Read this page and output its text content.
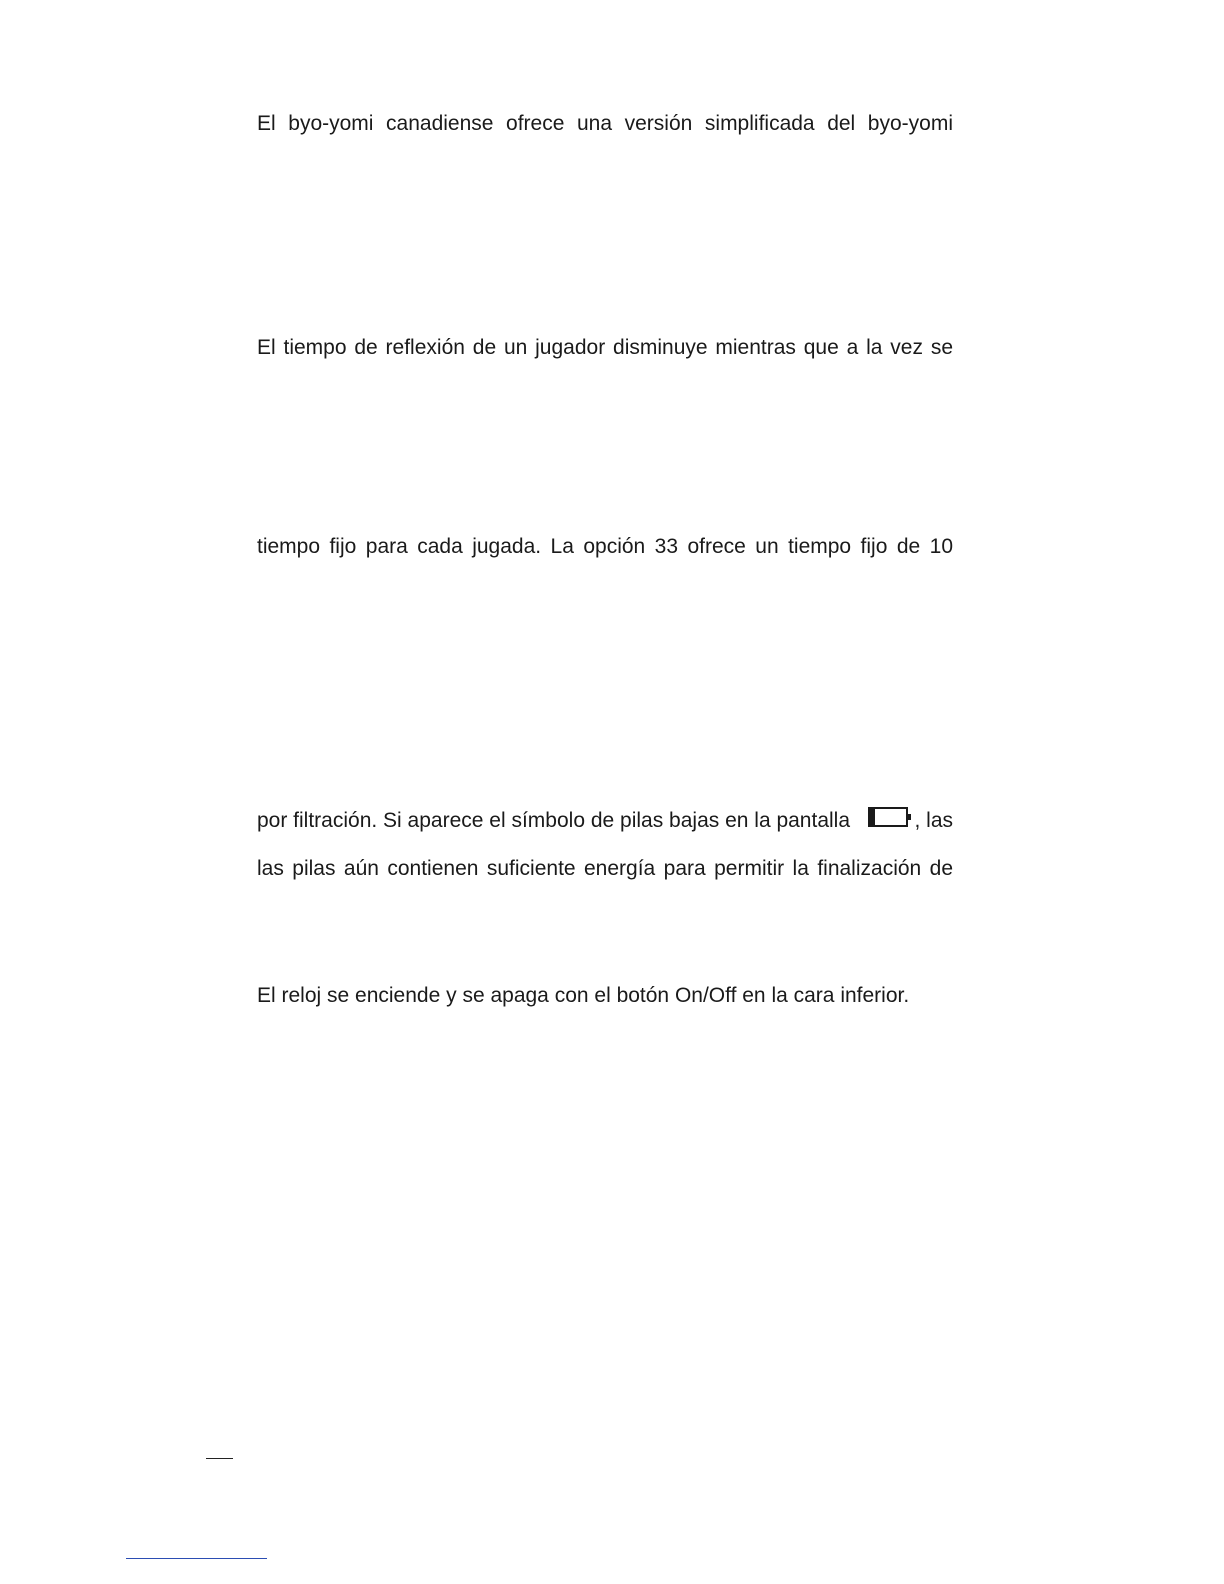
El byo-yomi canadiense ofrece una versión simplificada del byo-yomi
El tiempo de reflexión de un jugador disminuye mientras que a la vez se
tiempo fijo para cada jugada. La opción 33 ofrece un tiempo fijo de 10
por filtración. Si aparece el símbolo de pilas bajas en la pantalla	, las
las pilas aún contienen suficiente energía para permitir la finalización de
El reloj se enciende y se apaga con el botón On/Off en la cara inferior.
